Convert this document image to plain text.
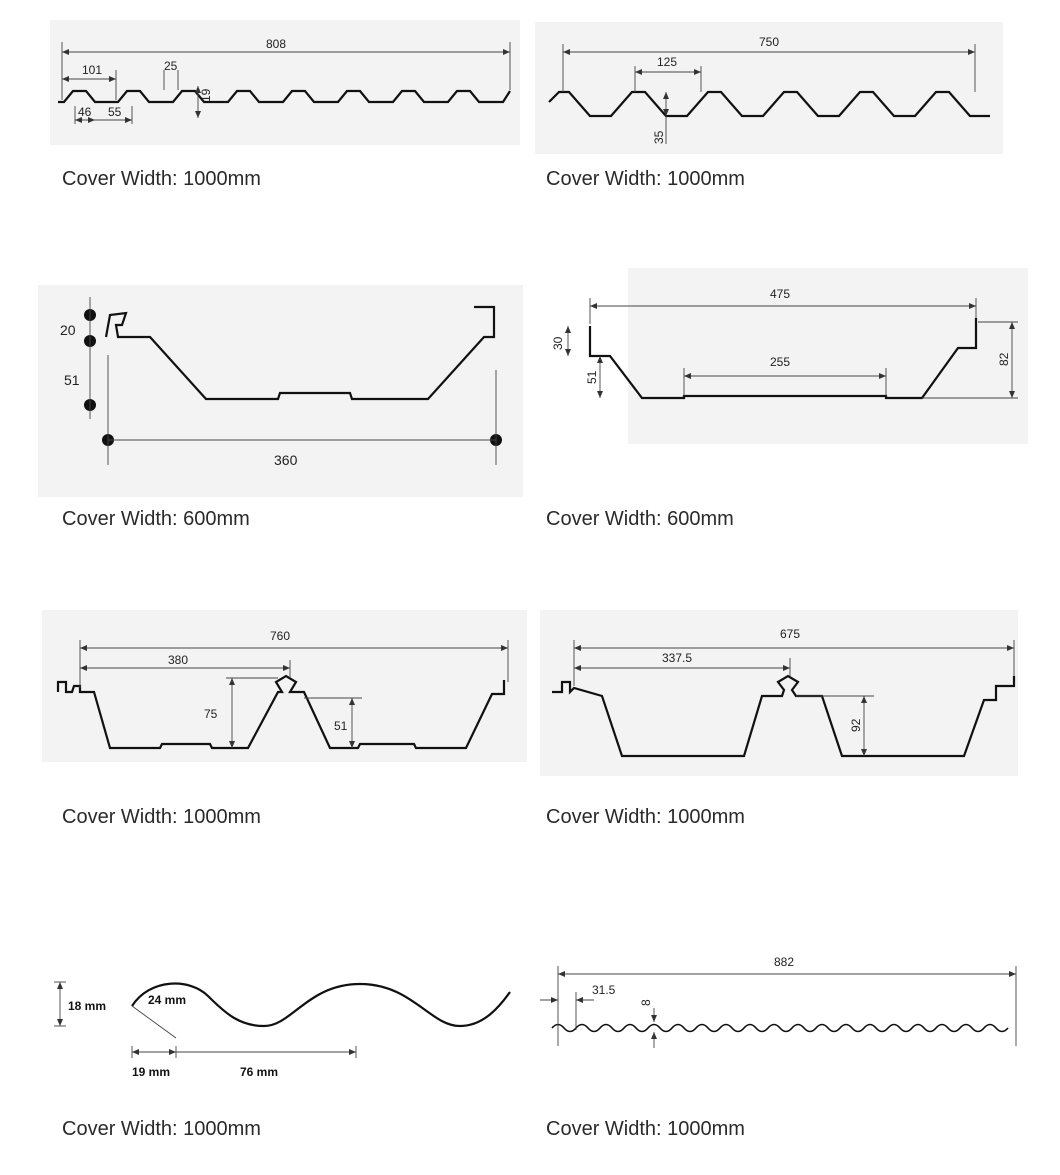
808
101	25
19
46 55
Cover Width: 1000mm
750
125
35
Cover Width: 1000mm
20
51
360
Cover Width: 600mm
475
255
30
51
82
Cover Width: 600mm
760
380
75
51
Cover Width: 1000mm
675
337.5
92
Cover Width: 1000mm
18 mm	24 mm
19 mm	76 mm
Cover Width: 1000mm
882
31.5
8
Cover Width: 1000mm
